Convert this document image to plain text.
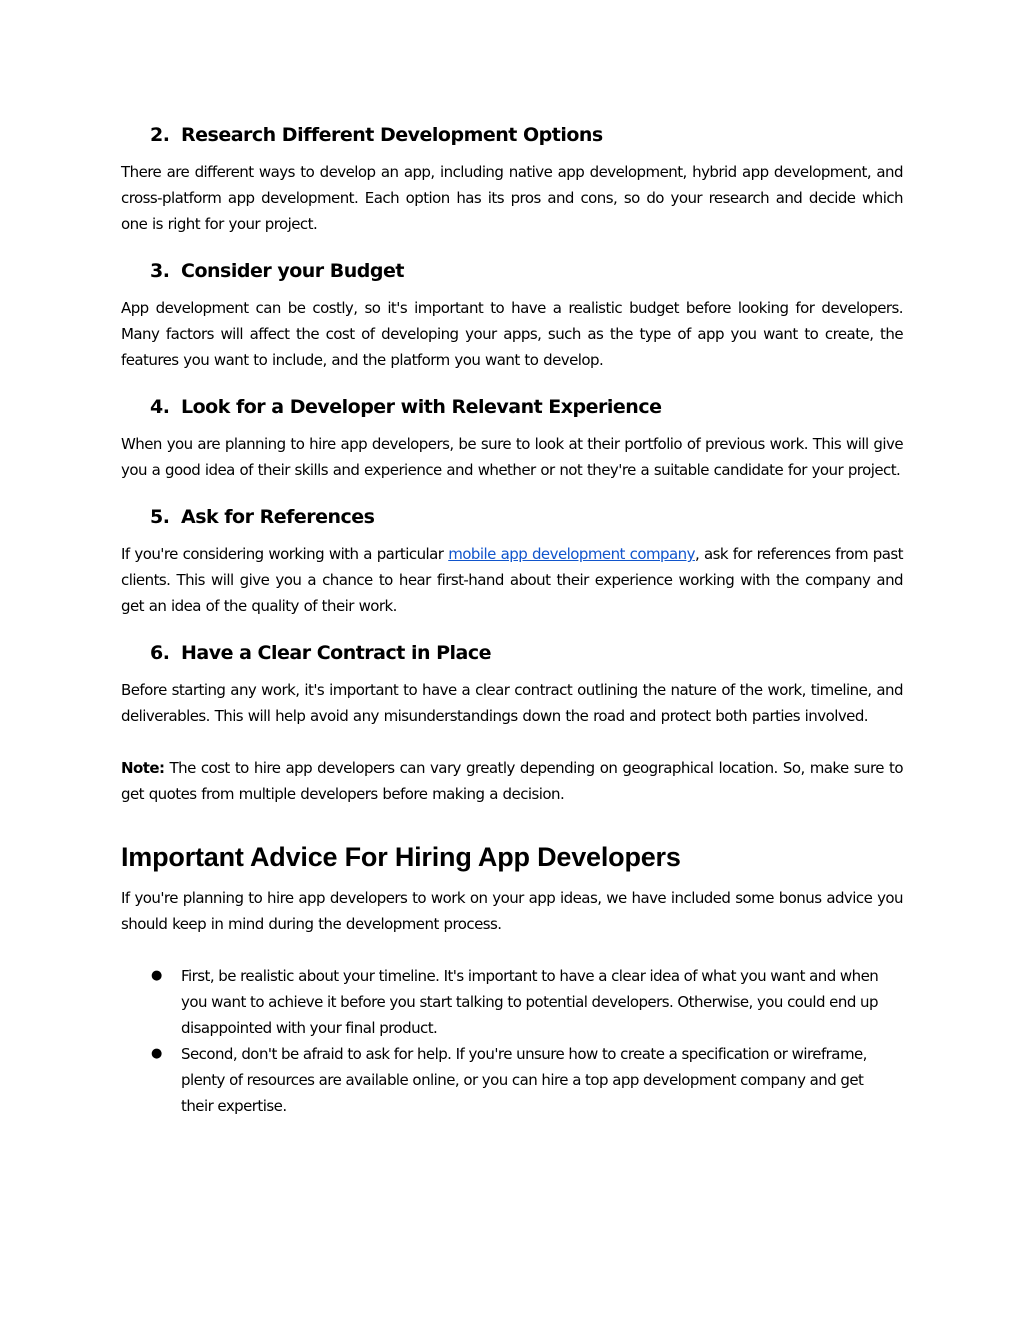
2. Research Different Development Options

There are different ways to develop an app, including native app development, hybrid app development, and cross-platform app development. Each option has its pros and cons, so do your research and decide which one is right for your project.

3. Consider your Budget

App development can be costly, so it's important to have a realistic budget before looking for developers. Many factors will affect the cost of developing your apps, such as the type of app you want to create, the features you want to include, and the platform you want to develop.

4. Look for a Developer with Relevant Experience

When you are planning to hire app developers, be sure to look at their portfolio of previous work. This will give you a good idea of their skills and experience and whether or not they're a suitable candidate for your project.

5. Ask for References

If you're considering working with a particular mobile app development company, ask for references from past clients. This will give you a chance to hear first-hand about their experience working with the company and get an idea of the quality of their work.

6. Have a Clear Contract in Place

Before starting any work, it's important to have a clear contract outlining the nature of the work, timeline, and deliverables. This will help avoid any misunderstandings down the road and protect both parties involved.

Note: The cost to hire app developers can vary greatly depending on geographical location. So, make sure to get quotes from multiple developers before making a decision.

Important Advice For Hiring App Developers

If you're planning to hire app developers to work on your app ideas, we have included some bonus advice you should keep in mind during the development process.

●	First, be realistic about your timeline. It's important to have a clear idea of what you want and when you want to achieve it before you start talking to potential developers. Otherwise, you could end up disappointed with your final product.
●	Second, don't be afraid to ask for help. If you're unsure how to create a specification or wireframe, plenty of resources are available online, or you can hire a top app development company and get their expertise.
